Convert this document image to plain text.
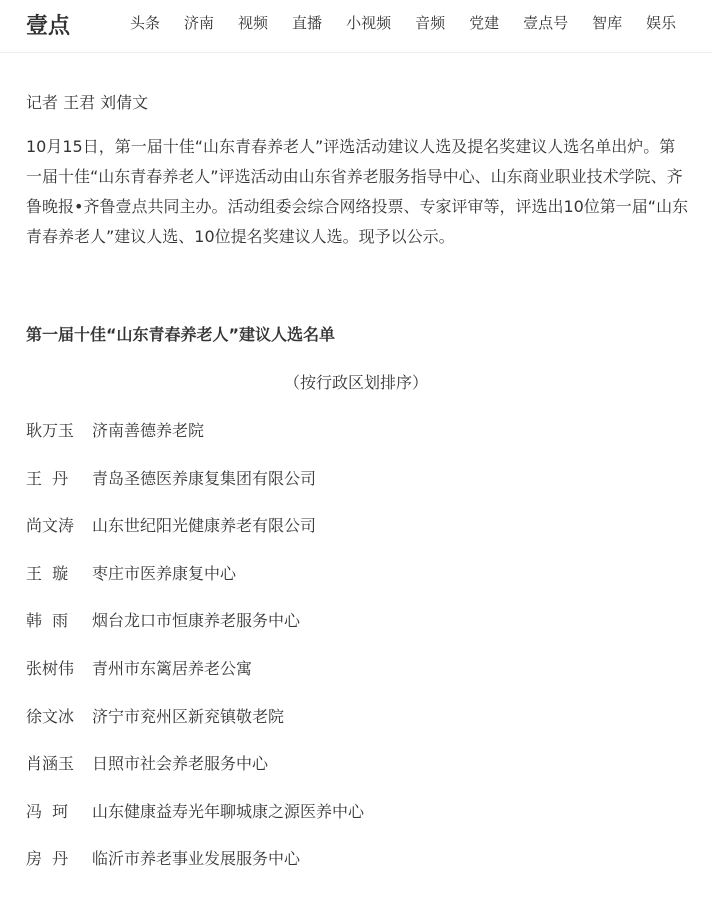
壹点	头条	济南	视频	直播	小视频	音频	党建	壹点号	智库	娱乐
记者 王君 刘倩文
10月15日，第一届十佳“山东青春养老人”评选活动建议人选及提名奖建议人选名单出炉。第一届十佳“山东青春养老人”评选活动由山东省养老服务指导中心、山东商业职业技术学院、齐鲁晚报•齐鲁壹点共同主办。活动组委会综合网络投票、专家评审等，评选出10位第一届“山东青春养老人”建议人选、10位提名奖建议人选。现予以公示。
第一届十佳“山东青春养老人”建议人选名单
（按行政区划排序）
耿万玉	济南善德养老院
王  丹	青岛圣德医养康复集团有限公司
尚文涛	山东世纪阳光健康养老有限公司
王  璇	枣庄市医养康复中心
韩  雨	烟台龙口市恒康养老服务中心
张树伟	青州市东篱居养老公寓
徐文冰	济宁市兖州区新兖镇敬老院
肖涵玉	日照市社会养老服务中心
冯  珂	山东健康益寿光年聊城康之源医养中心
房  丹	临沂市养老事业发展服务中心
